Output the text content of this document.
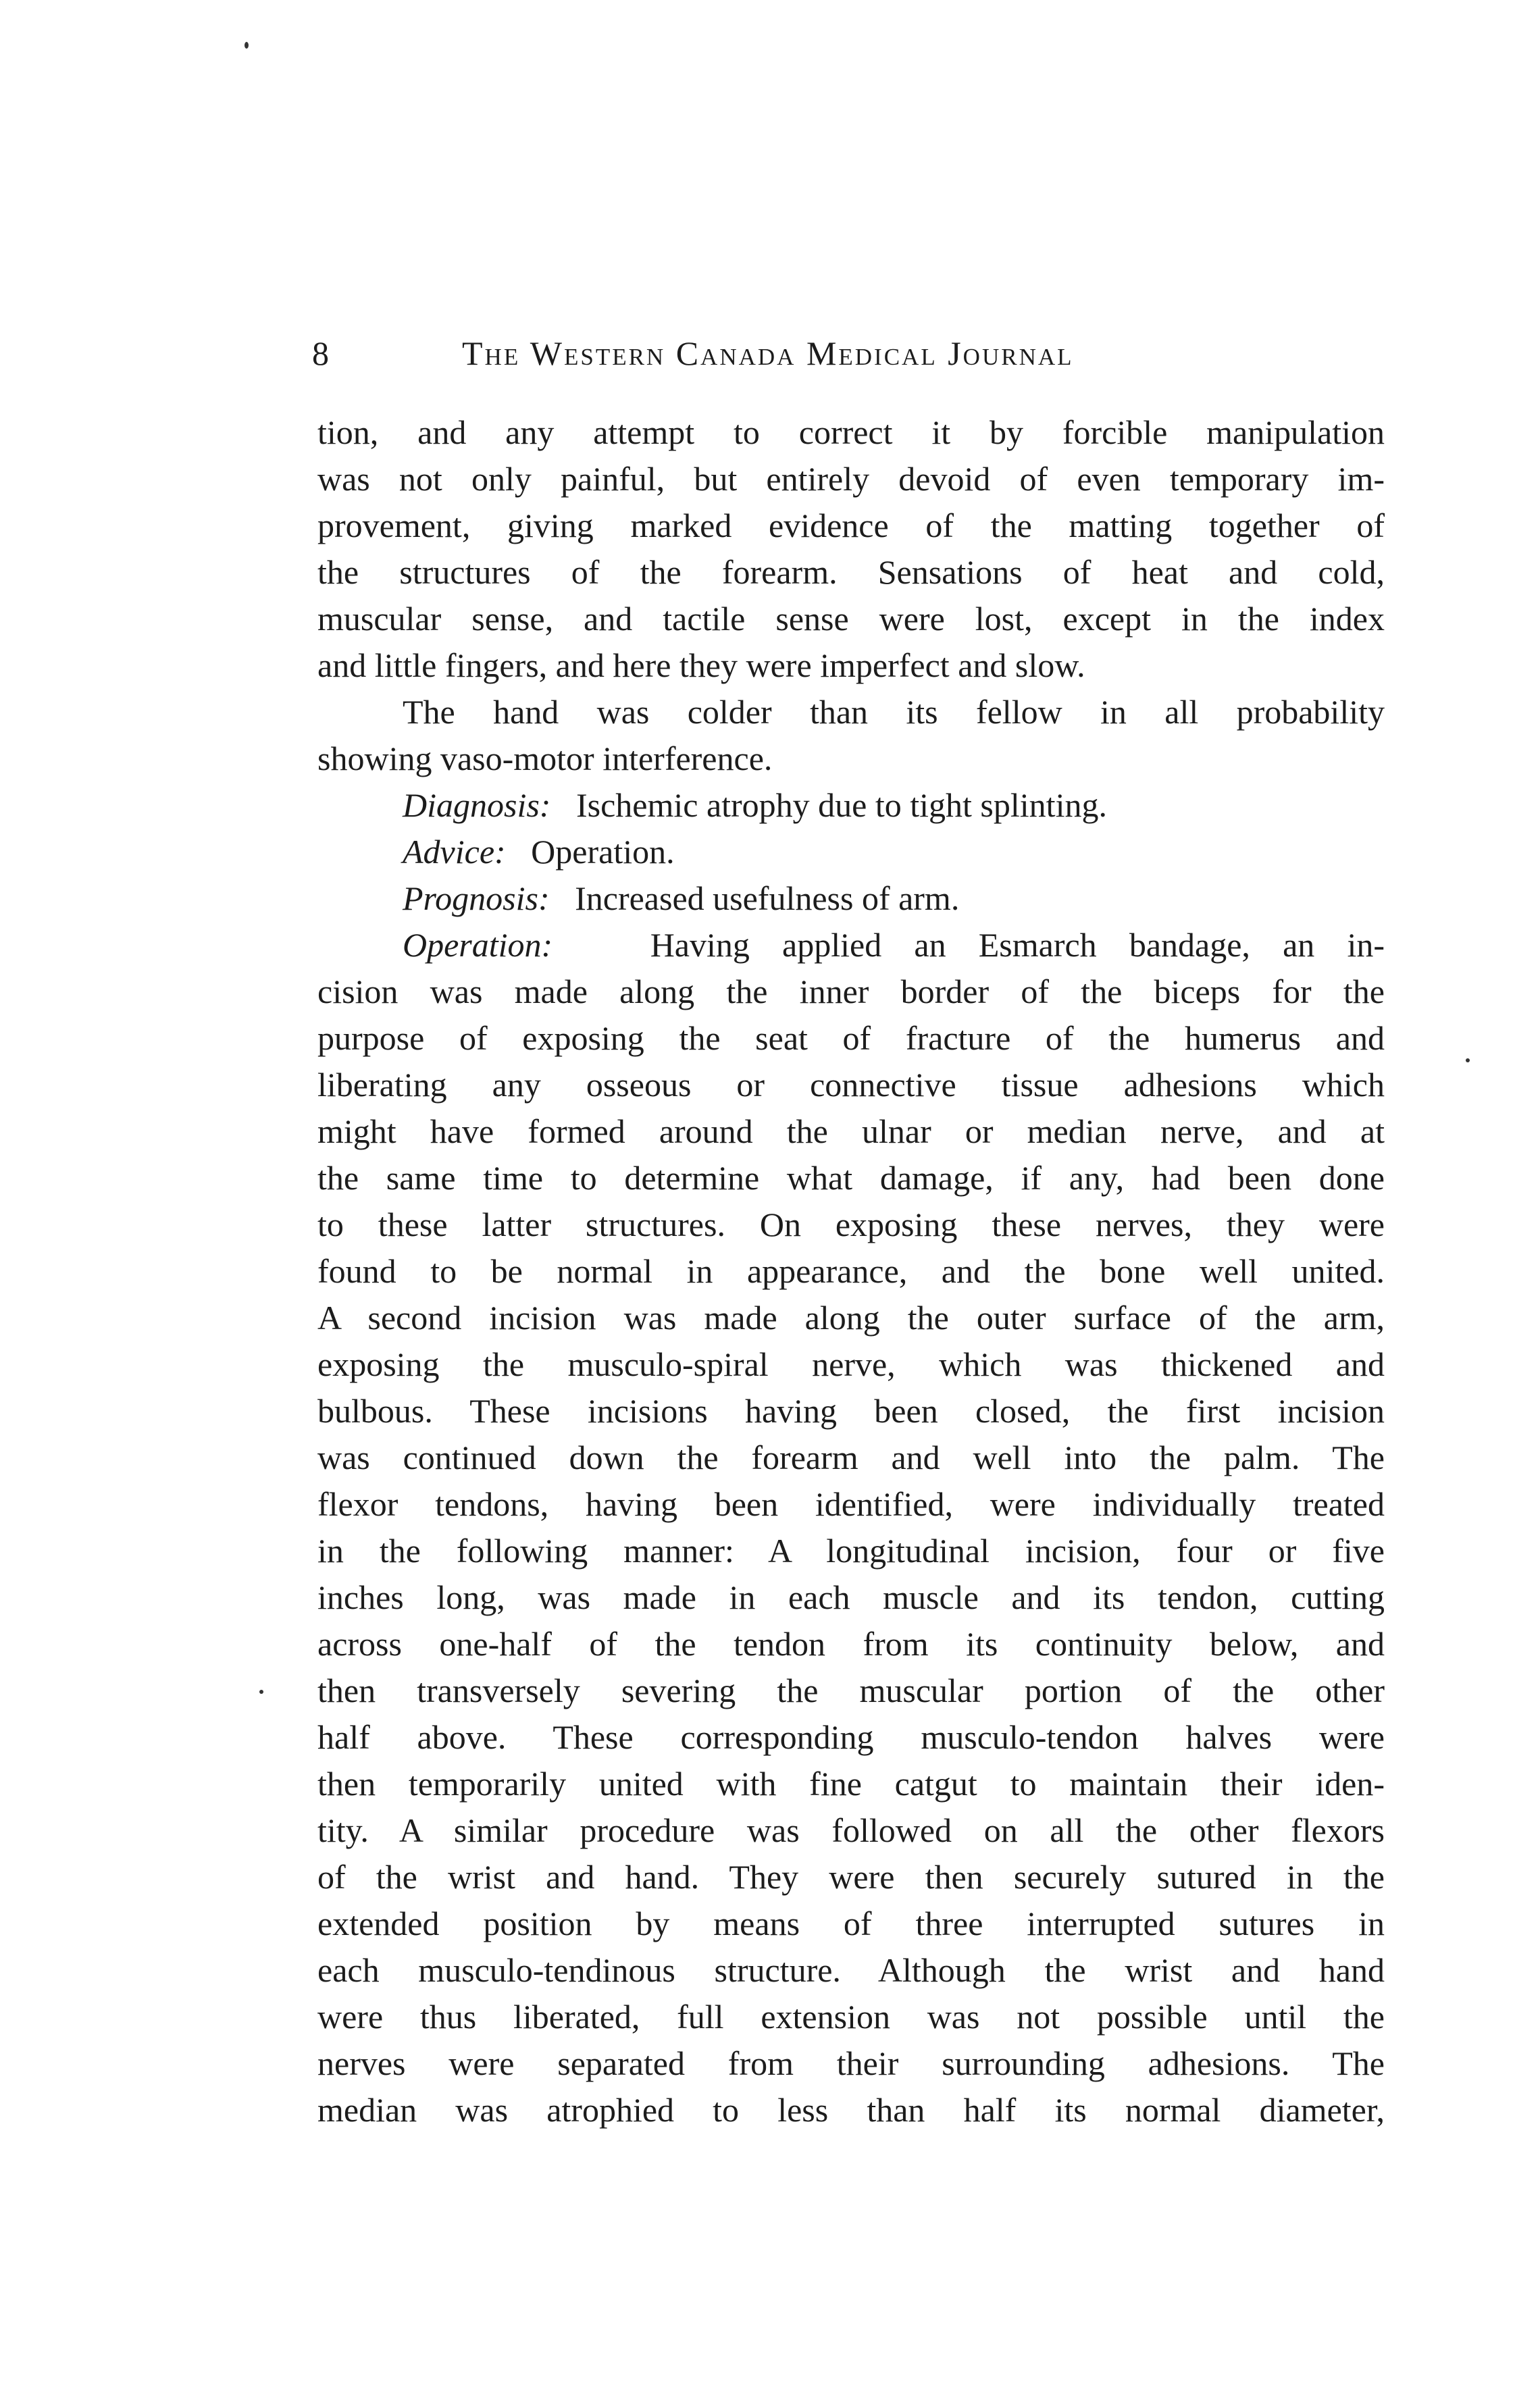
8	The Western Canada Medical Journal
tion, and any attempt to correct it by forcible manipulation
was not only painful, but entirely devoid of even temporary im-
provement, giving marked evidence of the matting together of
the structures of the forearm. Sensations of heat and cold,
muscular sense, and tactile sense were lost, except in the index
and little fingers, and here they were imperfect and slow.
The hand was colder than its fellow in all probability
showing vaso-motor interference.
Diagnosis: Ischemic atrophy due to tight splinting.
Advice: Operation.
Prognosis: Increased usefulness of arm.
Operation:	Having applied an Esmarch bandage, an in-
cision was made along the inner border of the biceps for the
purpose of exposing the seat of fracture of the humerus and
liberating any osseous or connective tissue adhesions which
might have formed around the ulnar or median nerve, and at
the same time to determine what damage, if any, had been done
to these latter structures. On exposing these nerves, they were
found to be normal in appearance, and the bone well united.
A second incision was made along the outer surface of the arm,
exposing the musculo-spiral nerve, which was thickened and
bulbous. These incisions having been closed, the first incision
was continued down the forearm and well into the palm. The
flexor tendons, having been identified, were individually treated
in the following manner: A longitudinal incision, four or five
inches long, was made in each muscle and its tendon, cutting
across one-half of the tendon from its continuity below, and
then transversely severing the muscular portion of the other
half above. These corresponding musculo-tendon halves were
then temporarily united with fine catgut to maintain their iden-
tity. A similar procedure was followed on all the other flexors
of the wrist and hand. They were then securely sutured in the
extended position by means of three interrupted sutures in
each musculo-tendinous structure. Although the wrist and hand
were thus liberated, full extension was not possible until the
nerves were separated from their surrounding adhesions. The
median was atrophied to less than half its normal diameter,
